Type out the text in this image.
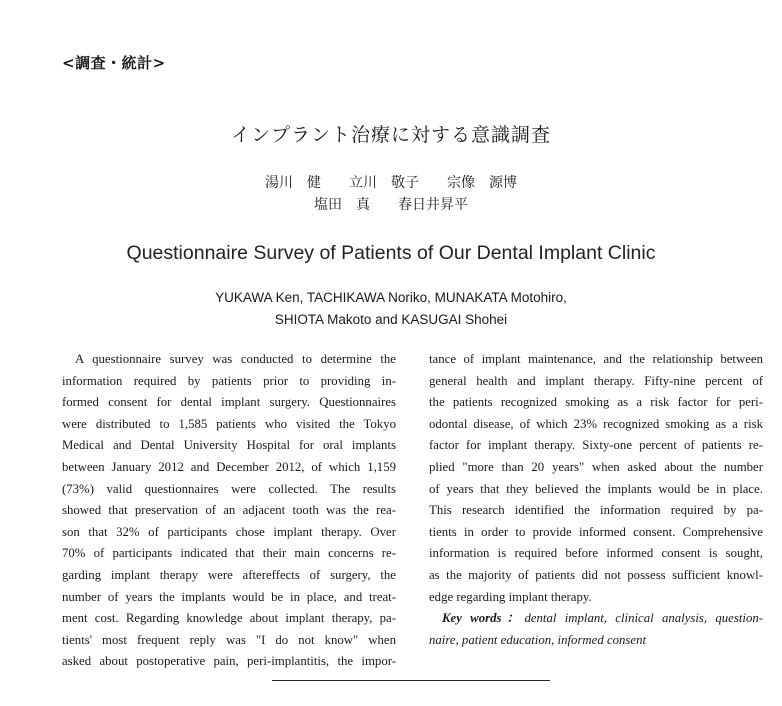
<調査・統計>
インプラント治療に対する意識調査
湯川　健　　立川　敬子　　宗像　源博
塩田　真　　春日井昇平
Questionnaire Survey of Patients of Our Dental Implant Clinic
YUKAWA Ken, TACHIKAWA Noriko, MUNAKATA Motohiro,
SHIOTA Makoto and KASUGAI Shohei
A questionnaire survey was conducted to determine the
information required by patients prior to providing in-
formed consent for dental implant surgery. Questionnaires
were distributed to 1,585 patients who visited the Tokyo
Medical and Dental University Hospital for oral implants
between January 2012 and December 2012, of which 1,159
(73%) valid questionnaires were collected. The results
showed that preservation of an adjacent tooth was the rea-
son that 32% of participants chose implant therapy. Over
70% of participants indicated that their main concerns re-
garding implant therapy were aftereffects of surgery, the
number of years the implants would be in place, and treat-
ment cost. Regarding knowledge about implant therapy, pa-
tients' most frequent reply was "I do not know" when
asked about postoperative pain, peri-implantitis, the impor-
tance of implant maintenance, and the relationship between
general health and implant therapy. Fifty-nine percent of
the patients recognized smoking as a risk factor for peri-
odontal disease, of which 23% recognized smoking as a risk
factor for implant therapy. Sixty-one percent of patients re-
plied "more than 20 years" when asked about the number
of years that they believed the implants would be in place.
This research identified the information required by pa-
tients in order to provide informed consent. Comprehensive
information is required before informed consent is sought,
as the majority of patients did not possess sufficient knowl-
edge regarding implant therapy.
Key words：dental implant, clinical analysis, question-
naire, patient education, informed consent
